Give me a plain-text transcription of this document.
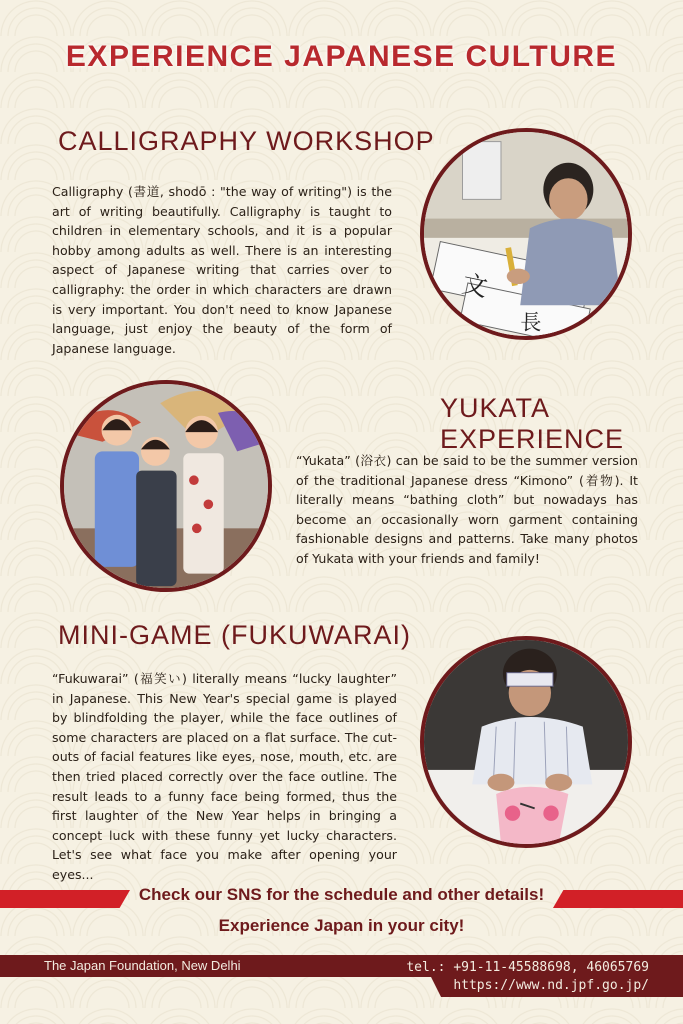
EXPERIENCE JAPANESE CULTURE
CALLIGRAPHY WORKSHOP
Calligraphy (書道, shodō : "the way of writing") is the art of writing beautifully. Calligraphy is taught to children in elementary schools, and it is a popular hobby among adults as well. There is an interesting aspect of Japanese writing that carries over to calligraphy: the order in which characters are drawn is very important. You don't need to know Japanese language, just enjoy the beauty of the form of Japanese language.
文
長
YUKATA EXPERIENCE
“Yukata” (浴衣) can be said to be the summer version of the traditional Japanese dress “Kimono” (着物). It literally means “bathing cloth” but nowadays has become an occasionally worn garment containing fashionable designs and patterns. Take many photos of Yukata with your friends and family!
MINI-GAME (FUKUWARAI)
“Fukuwarai” (福笑い) literally means “lucky laughter” in Japanese. This New Year's special game is played by blindfolding the player, while the face outlines of some characters are placed on a flat surface. The cut-outs of facial features like eyes, nose, mouth, etc. are then tried placed correctly over the face outline. The result leads to a funny face being formed, thus the first laughter of the New Year helps in bringing a concept luck with these funny yet lucky characters. Let's see what face you make after opening your eyes...
Check our SNS for the schedule and other details!
Experience Japan in your city!
The Japan Foundation, New Delhi	tel.: +91-11-45588698, 46065769
https://www.nd.jpf.go.jp/
